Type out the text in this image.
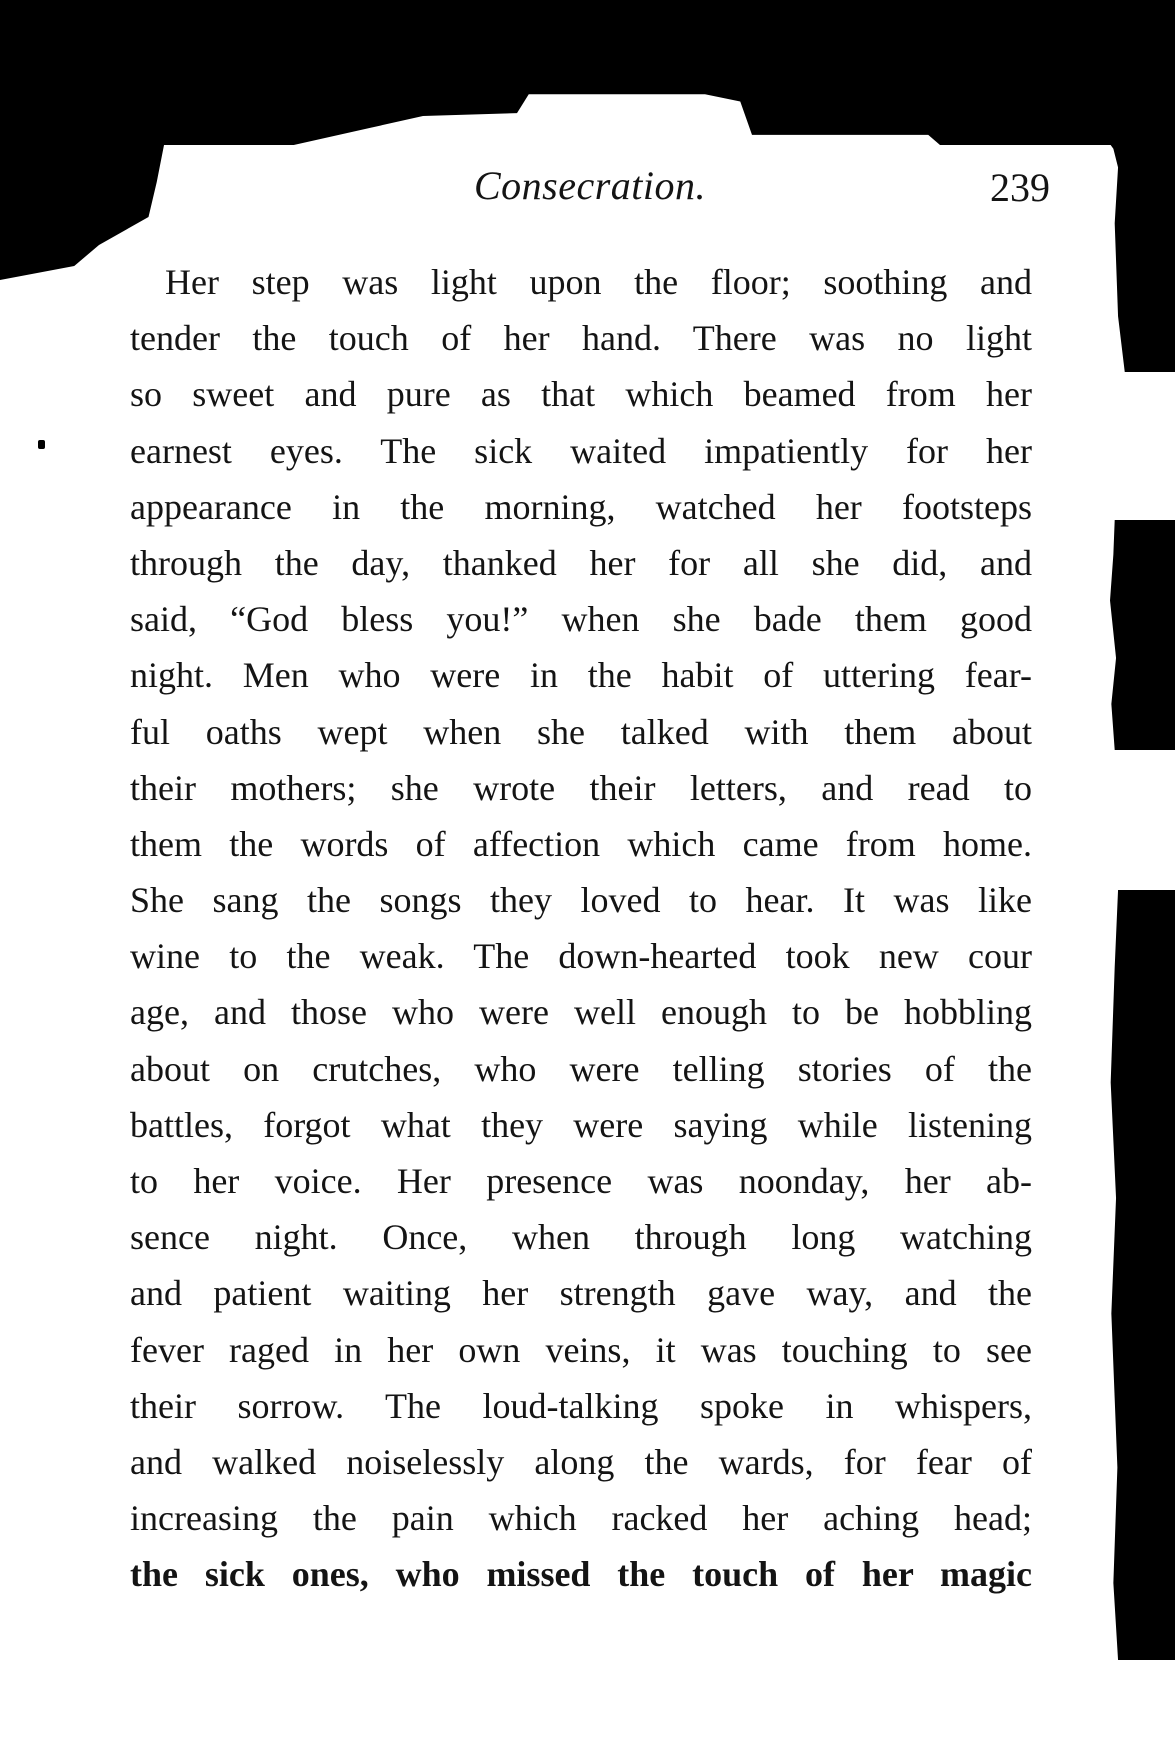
Consecration.	239
Her step was light upon the floor; soothing and
tender the touch of her hand. There was no light
so sweet and pure as that which beamed from her
earnest eyes. The sick waited impatiently for her
appearance in the morning, watched her footsteps
through the day, thanked her for all she did, and
said, “God bless you!” when she bade them good
night. Men who were in the habit of uttering fear-
ful oaths wept when she talked with them about
their mothers; she wrote their letters, and read to
them the words of affection which came from home.
She sang the songs they loved to hear. It was like
wine to the weak. The down-hearted took new cour
age, and those who were well enough to be hobbling
about on crutches, who were telling stories of the
battles, forgot what they were saying while listening
to her voice. Her presence was noonday, her ab-
sence night. Once, when through long watching
and patient waiting her strength gave way, and the
fever raged in her own veins, it was touching to see
their sorrow. The loud-talking spoke in whispers,
and walked noiselessly along the wards, for fear of
increasing the pain which racked her aching head;
the sick ones, who missed the touch of her magic
